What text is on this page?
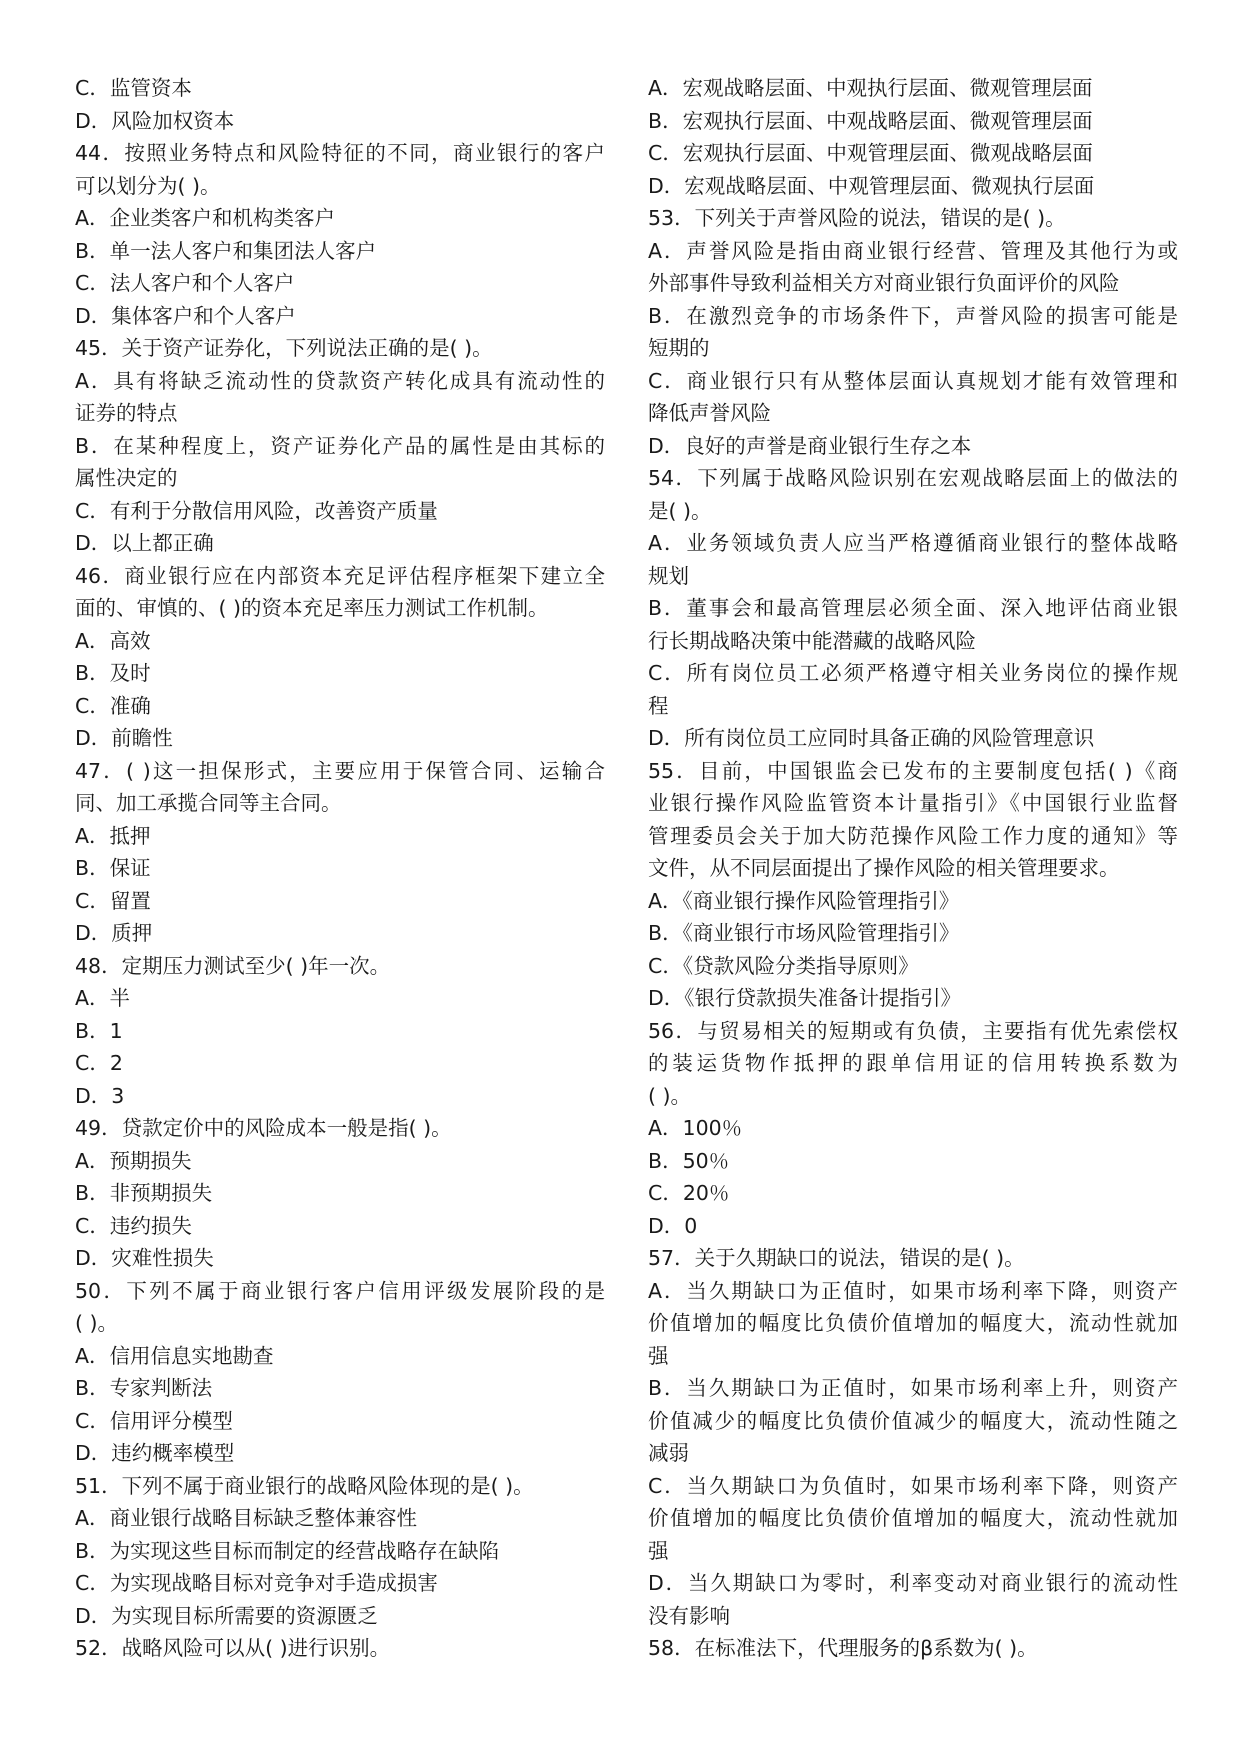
C．监管资本
D．风险加权资本
44．按照业务特点和风险特征的不同，商业银行的客户
可以划分为( )。
A．企业类客户和机构类客户
B．单一法人客户和集团法人客户
C．法人客户和个人客户
D．集体客户和个人客户
45．关于资产证券化，下列说法正确的是( )。
A．具有将缺乏流动性的贷款资产转化成具有流动性的
证券的特点
B．在某种程度上，资产证券化产品的属性是由其标的
属性决定的
C．有利于分散信用风险，改善资产质量
D．以上都正确
46．商业银行应在内部资本充足评估程序框架下建立全
面的、审慎的、( )的资本充足率压力测试工作机制。
A．高效
B．及时
C．准确
D．前瞻性
47．( )这一担保形式，主要应用于保管合同、运输合
同、加工承揽合同等主合同。
A．抵押
B．保证
C．留置
D．质押
48．定期压力测试至少( )年一次。
A．半
B．1
C．2
D．3
49．贷款定价中的风险成本一般是指( )。
A．预期损失
B．非预期损失
C．违约损失
D．灾难性损失
50．下列不属于商业银行客户信用评级发展阶段的是
( )。
A．信用信息实地勘查
B．专家判断法
C．信用评分模型
D．违约概率模型
51．下列不属于商业银行的战略风险体现的是( )。
A．商业银行战略目标缺乏整体兼容性
B．为实现这些目标而制定的经营战略存在缺陷
C．为实现战略目标对竞争对手造成损害
D．为实现目标所需要的资源匮乏
52．战略风险可以从( )进行识别。
A．宏观战略层面、中观执行层面、微观管理层面
B．宏观执行层面、中观战略层面、微观管理层面
C．宏观执行层面、中观管理层面、微观战略层面
D．宏观战略层面、中观管理层面、微观执行层面
53．下列关于声誉风险的说法，错误的是( )。
A．声誉风险是指由商业银行经营、管理及其他行为或
外部事件导致利益相关方对商业银行负面评价的风险
B．在激烈竞争的市场条件下，声誉风险的损害可能是
短期的
C．商业银行只有从整体层面认真规划才能有效管理和
降低声誉风险
D．良好的声誉是商业银行生存之本
54．下列属于战略风险识别在宏观战略层面上的做法的
是( )。
A．业务领域负责人应当严格遵循商业银行的整体战略
规划
B．董事会和最高管理层必须全面、深入地评估商业银
行长期战略决策中能潜藏的战略风险
C．所有岗位员工必须严格遵守相关业务岗位的操作规
程
D．所有岗位员工应同时具备正确的风险管理意识
55．目前，中国银监会已发布的主要制度包括( )《商
业银行操作风险监管资本计量指引》《中国银行业监督
管理委员会关于加大防范操作风险工作力度的通知》等
文件，从不同层面提出了操作风险的相关管理要求。
A．《商业银行操作风险管理指引》
B．《商业银行市场风险管理指引》
C．《贷款风险分类指导原则》
D．《银行贷款损失准备计提指引》
56．与贸易相关的短期或有负债，主要指有优先索偿权
的装运货物作抵押的跟单信用证的信用转换系数为
( )。
A．100％
B．50％
C．20％
D．0
57．关于久期缺口的说法，错误的是( )。
A．当久期缺口为正值时，如果市场利率下降，则资产
价值增加的幅度比负债价值增加的幅度大，流动性就加
强
B．当久期缺口为正值时，如果市场利率上升，则资产
价值减少的幅度比负债价值减少的幅度大，流动性随之
减弱
C．当久期缺口为负值时，如果市场利率下降，则资产
价值增加的幅度比负债价值增加的幅度大，流动性就加
强
D．当久期缺口为零时，利率变动对商业银行的流动性
没有影响
58．在标准法下，代理服务的β系数为( )。
